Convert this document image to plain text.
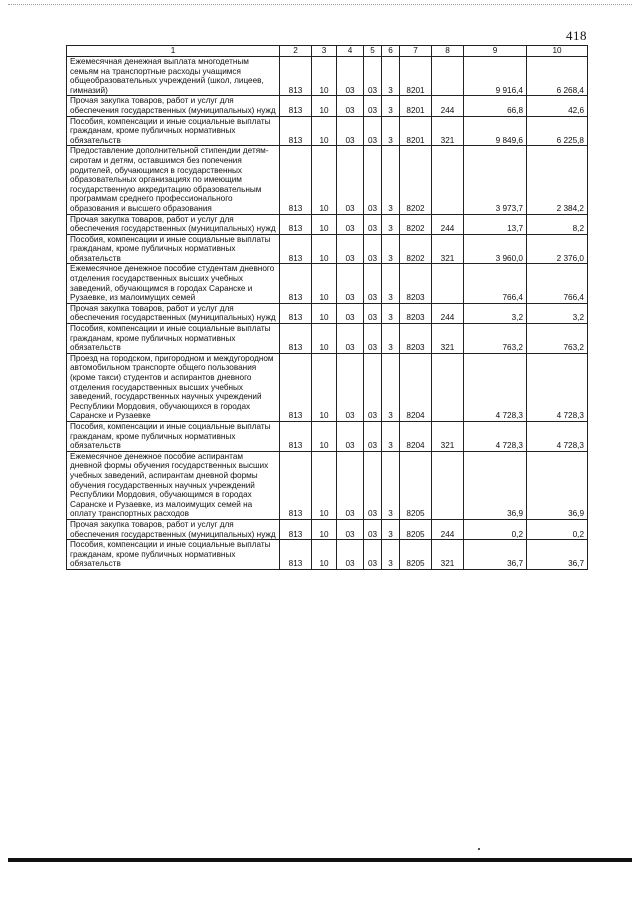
418
1	2	3	4	5	6	7	8	9	10
Ежемесячная денежная выплата многодетным семьям на транспортные расходы учащимся общеобразовательных учреждений (школ, лицеев, гимназий)	813	10	03	03	3	8201		9 916,4	6 268,4
Прочая закупка товаров, работ и услуг для обеспечения государственных (муниципальных) нужд	813	10	03	03	3	8201	244	66,8	42,6
Пособия, компенсации и иные социальные выплаты гражданам, кроме публичных нормативных обязательств	813	10	03	03	3	8201	321	9 849,6	6 225,8
Предоставление дополнительной стипендии детям-сиротам и детям, оставшимся без попечения родителей, обучающимся в государственных образовательных организациях по имеющим государственную аккредитацию образовательным программам среднего профессионального образования и высшего образования	813	10	03	03	3	8202		3 973,7	2 384,2
Прочая закупка товаров, работ и услуг для обеспечения государственных (муниципальных) нужд	813	10	03	03	3	8202	244	13,7	8,2
Пособия, компенсации и иные социальные выплаты гражданам, кроме публичных нормативных обязательств	813	10	03	03	3	8202	321	3 960,0	2 376,0
Ежемесячное денежное пособие студентам дневного отделения государственных высших учебных заведений, обучающимся в городах Саранске и Рузаевке, из малоимущих семей	813	10	03	03	3	8203		766,4	766,4
Прочая закупка товаров, работ и услуг для обеспечения государственных (муниципальных) нужд	813	10	03	03	3	8203	244	3,2	3,2
Пособия, компенсации и иные социальные выплаты гражданам, кроме публичных нормативных обязательств	813	10	03	03	3	8203	321	763,2	763,2
Проезд на городском, пригородном и междугородном автомобильном транспорте общего пользования (кроме такси) студентов и аспирантов дневного отделения государственных высших учебных заведений, государственных научных учреждений Республики Мордовия, обучающихся в городах Саранске и Рузаевке	813	10	03	03	3	8204		4 728,3	4 728,3
Пособия, компенсации и иные социальные выплаты гражданам, кроме публичных нормативных обязательств	813	10	03	03	3	8204	321	4 728,3	4 728,3
Ежемесячное денежное пособие аспирантам дневной формы обучения государственных высших учебных заведений, аспирантам дневной формы обучения государственных научных учреждений Республики Мордовия, обучающимся в городах Саранске и Рузаевке, из малоимущих семей на оплату транспортных расходов	813	10	03	03	3	8205		36,9	36,9
Прочая закупка товаров, работ и услуг для обеспечения государственных (муниципальных) нужд	813	10	03	03	3	8205	244	0,2	0,2
Пособия, компенсации и иные социальные выплаты гражданам, кроме публичных нормативных обязательств	813	10	03	03	3	8205	321	36,7	36,7
